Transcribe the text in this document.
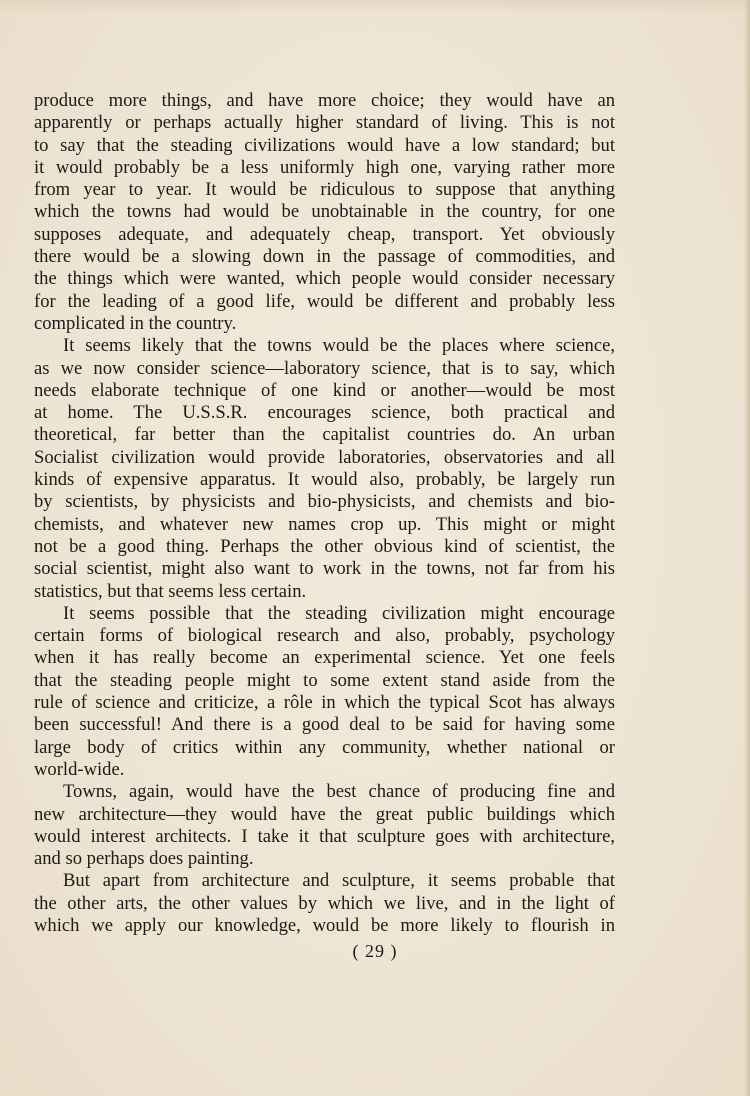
produce more things, and have more choice; they would have an
apparently or perhaps actually higher standard of living. This is not
to say that the steading civilizations would have a low standard; but
it would probably be a less uniformly high one, varying rather more
from year to year. It would be ridiculous to suppose that anything
which the towns had would be unobtainable in the country, for one
supposes adequate, and adequately cheap, transport. Yet obviously
there would be a slowing down in the passage of commodities, and
the things which were wanted, which people would consider necessary
for the leading of a good life, would be different and probably less
complicated in the country.
It seems likely that the towns would be the places where science,
as we now consider science—laboratory science, that is to say, which
needs elaborate technique of one kind or another—would be most
at home. The U.S.S.R. encourages science, both practical and
theoretical, far better than the capitalist countries do. An urban
Socialist civilization would provide laboratories, observatories and all
kinds of expensive apparatus. It would also, probably, be largely run
by scientists, by physicists and bio-physicists, and chemists and bio-
chemists, and whatever new names crop up. This might or might
not be a good thing. Perhaps the other obvious kind of scientist, the
social scientist, might also want to work in the towns, not far from his
statistics, but that seems less certain.
It seems possible that the steading civilization might encourage
certain forms of biological research and also, probably, psychology
when it has really become an experimental science. Yet one feels
that the steading people might to some extent stand aside from the
rule of science and criticize, a rôle in which the typical Scot has always
been successful! And there is a good deal to be said for having some
large body of critics within any community, whether national or
world-wide.
Towns, again, would have the best chance of producing fine and
new architecture—they would have the great public buildings which
would interest architects. I take it that sculpture goes with architecture,
and so perhaps does painting.
But apart from architecture and sculpture, it seems probable that
the other arts, the other values by which we live, and in the light of
which we apply our knowledge, would be more likely to flourish in
( 29 )
